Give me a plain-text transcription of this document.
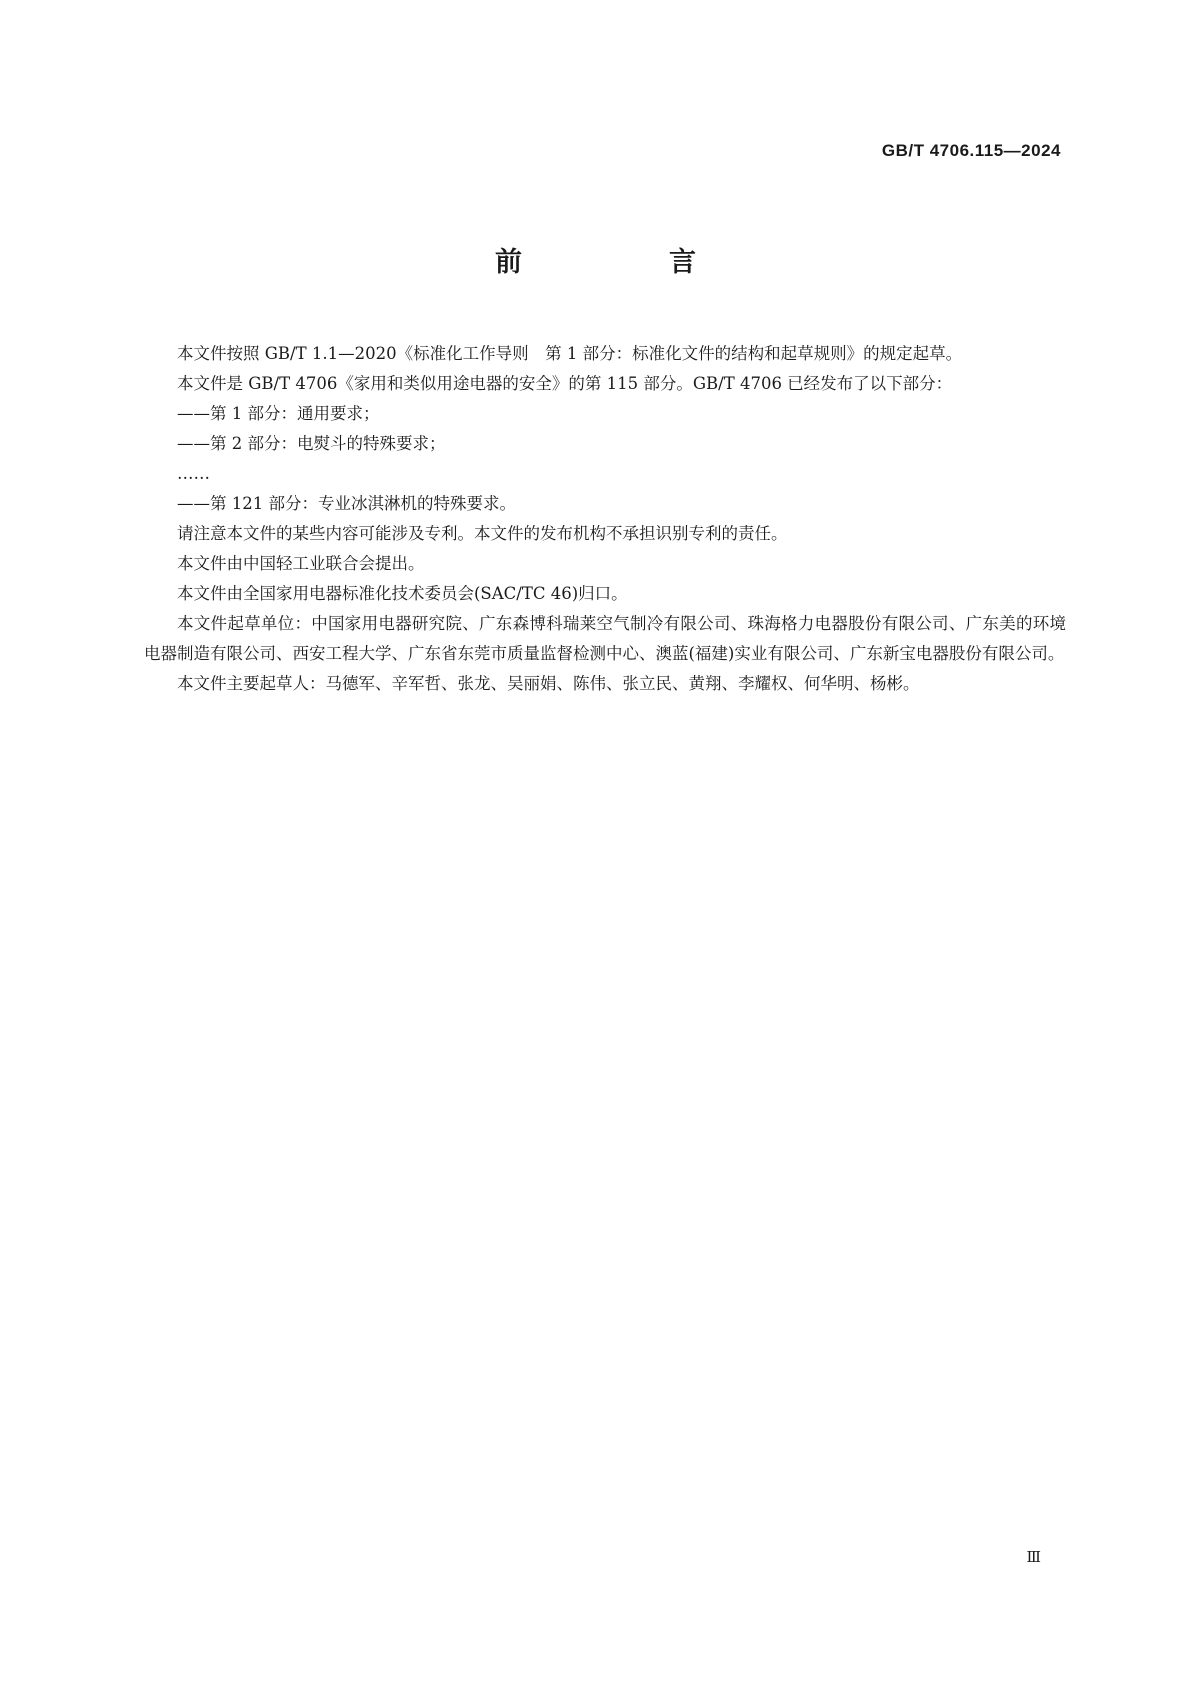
GB/T 4706.115—2024

前　言

本文件按照 GB/T 1.1—2020《标准化工作导则　第 1 部分：标准化文件的结构和起草规则》的规定起草。

本文件是 GB/T 4706《家用和类似用途电器的安全》的第 115 部分。GB/T 4706 已经发布了以下部分：

——第 1 部分：通用要求；

——第 2 部分：电熨斗的特殊要求；

……

——第 121 部分：专业冰淇淋机的特殊要求。

请注意本文件的某些内容可能涉及专利。本文件的发布机构不承担识别专利的责任。

本文件由中国轻工业联合会提出。

本文件由全国家用电器标准化技术委员会(SAC/TC 46)归口。

本文件起草单位：中国家用电器研究院、广东森博科瑞莱空气制冷有限公司、珠海格力电器股份有限公司、广东美的环境电器制造有限公司、西安工程大学、广东省东莞市质量监督检测中心、澳蓝(福建)实业有限公司、广东新宝电器股份有限公司。

本文件主要起草人：马德军、辛军哲、张龙、吴丽娟、陈伟、张立民、黄翔、李耀权、何华明、杨彬。

Ⅲ
